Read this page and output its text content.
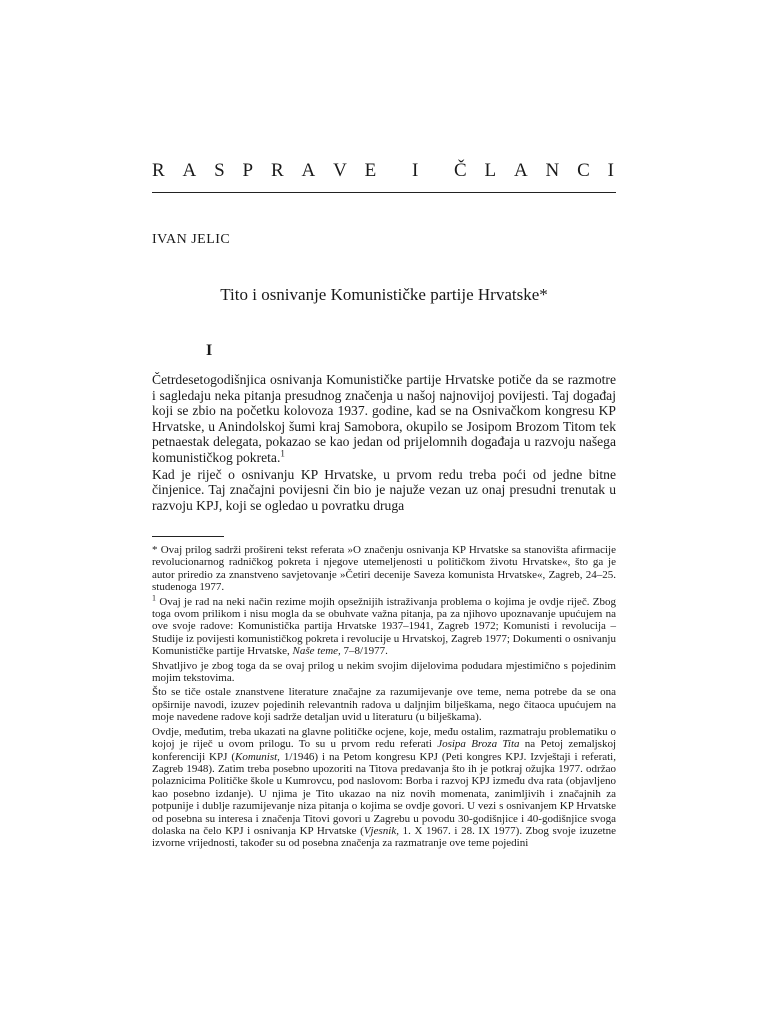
R A S P R A V E I Č L A N C I
IVAN JELIC
Tito i osnivanje Komunističke partije Hrvatske*
I

Četrdesetogodišnjica osnivanja Komunističke partije Hrvatske potiče da se razmotre i sagledaju neka pitanja presudnog značenja u našoj najnovijoj povijesti. Taj događaj koji se zbio na početku kolovoza 1937. godine, kad se na Osnivačkom kongresu KP Hrvatske, u Anindolskoj šumi kraj Samobora, okupilo se Josipom Brozom Titom tek petnaestak delegata, pokazao se kao jedan od prijelomnih događaja u razvoju našega komunističkog pokreta.$^1$

Kad je riječ o osnivanju KP Hrvatske, u prvom redu treba poći od jedne bitne činjenice. Taj značajni povijesni čin bio je najuže vezan uz onaj presudni trenutak u razvoju KPJ, koji se ogledao u povratku druga

* Ovaj prilog sadrži prošireni tekst referata »O značenju osnivanja KP Hrvatske sa stanovišta afirmacije revolucionarnog radničkog pokreta i njegove utemeljenosti u političkom životu Hrvatske«, što ga je autor priredio za znanstveno savjetovanje »Četiri decenije Saveza komunista Hrvatske«, Zagreb, 24–25. studenoga 1977.

$^1$ Ovaj je rad na neki način rezime mojih opsežnijih istraživanja problema o kojima je ovdje riječ. Zbog toga ovom prilikom i nisu mogla da se obuhvate važna pitanja, pa za njihovo upoznavanje upućujem na ove svoje radove: Komunistička partija Hrvatske 1937–1941, Zagreb 1972; Komunisti i revolucija – Studije iz povijesti komunističkog pokreta i revolucije u Hrvatskoj, Zagreb 1977; Dokumenti o osnivanju Komunističke partije Hrvatske, Naše teme, 7–8/1977.

Shvatljivo je zbog toga da se ovaj prilog u nekim svojim dijelovima podudara mjestimično s pojedinim mojim tekstovima.

Što se tiče ostale znanstvene literature značajne za razumijevanje ove teme, nema potrebe da se ona opširnije navodi, izuzev pojedinih relevantnih radova u daljnjim bilješkama, nego čitaoca upućujem na moje navedene radove koji sadrže detaljan uvid u literaturu (u bilješkama).

Ovdje, međutim, treba ukazati na glavne političke ocjene, koje, među ostalim, razmatraju problematiku o kojoj je riječ u ovom prilogu. To su u prvom redu referati Josipa Broza Tita na Petoj zemaljskoj konferenciji KPJ (Komunist, 1/1946) i na Petom kongresu KPJ (Peti kongres KPJ. Izvještaji i referati, Zagreb 1948). Zatim treba posebno upozoriti na Titova predavanja što ih je potkraj ožujka 1977. održao polaznicima Političke škole u Kumrovcu, pod naslovom: Borba i razvoj KPJ između dva rata (objavljeno kao posebno izdanje). U njima je Tito ukazao na niz novih momenata, zanimljivih i značajnih za potpunije i dublje razumijevanje niza pitanja o kojima se ovdje govori. U vezi s osnivanjem KP Hrvatske od posebna su interesa i značenja Titovi govori u Zagrebu u povodu 30-godišnjice i 40-godišnjice svoga dolaska na čelo KPJ i osnivanja KP Hrvatske (Vjesnik, 1. X 1967. i 28. IX 1977). Zbog svoje izuzetne izvorne vrijednosti, također su od posebna značenja za razmatranje ove teme pojedini
